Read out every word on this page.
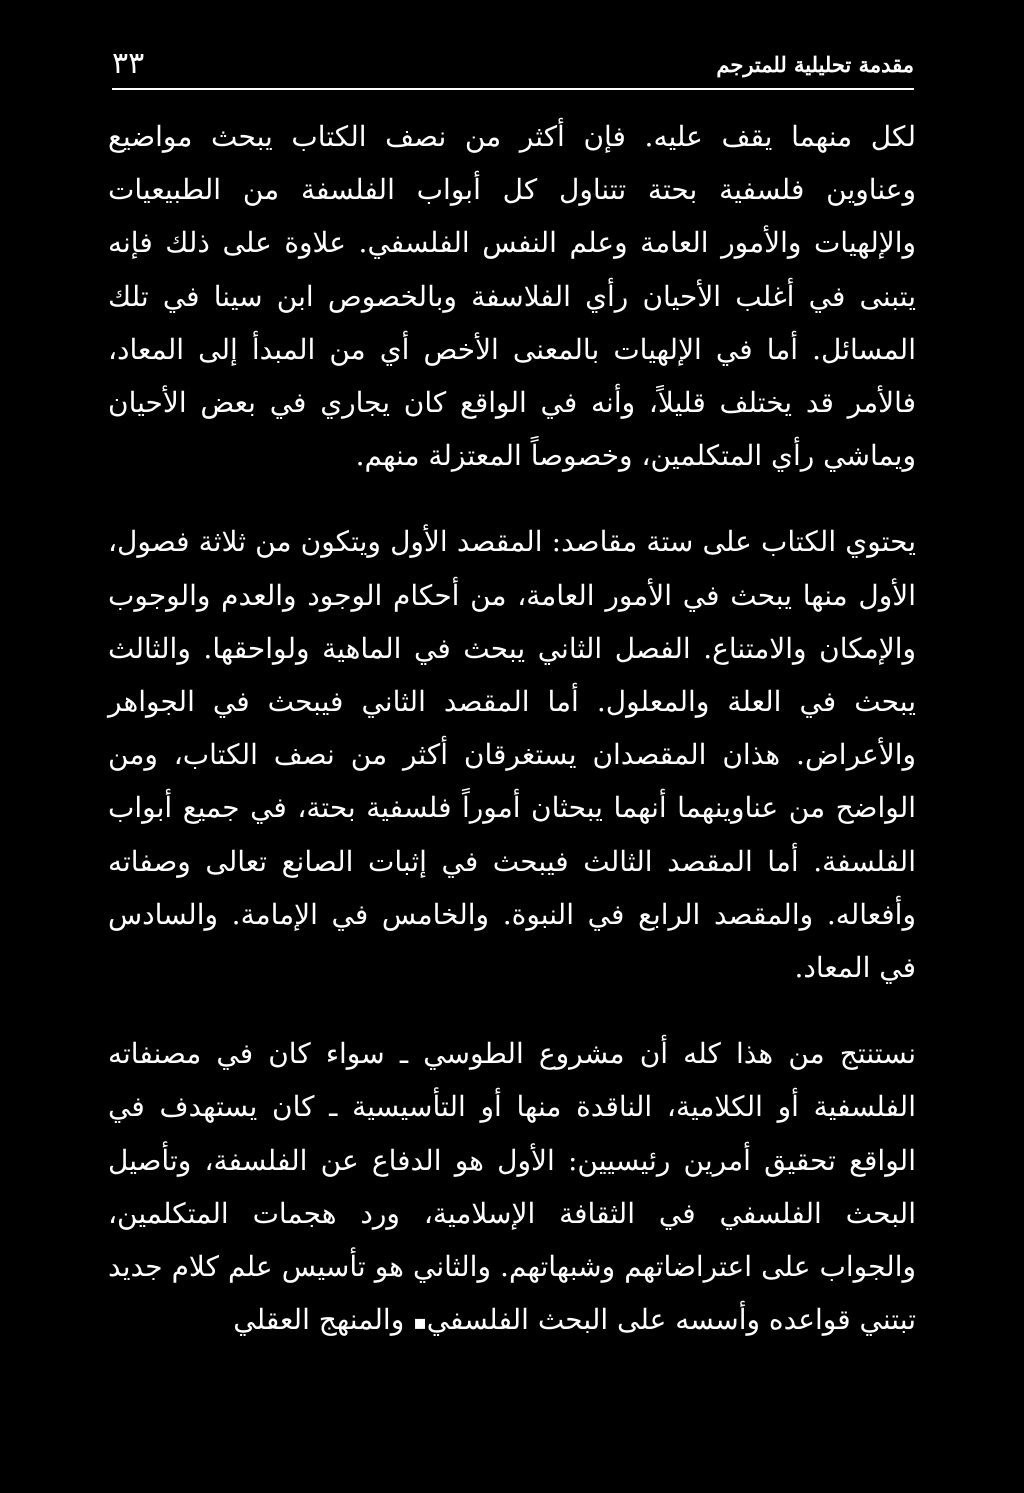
مقدمة تحليلية للمترجم
٣٣

لكل منهما يقف عليه. فإن أكثر من نصف الكتاب يبحث مواضيع وعناوين فلسفية بحتة تتناول كل أبواب الفلسفة من الطبيعيات والإلهيات والأمور العامة وعلم النفس الفلسفي. علاوة على ذلك فإنه يتبنى في أغلب الأحيان رأي الفلاسفة وبالخصوص ابن سينا في تلك المسائل. أما في الإلهيات بالمعنى الأخص أي من المبدأ إلى المعاد، فالأمر قد يختلف قليلاً، وأنه في الواقع كان يجاري في بعض الأحيان ويماشي رأي المتكلمين، وخصوصاً المعتزلة منهم.

يحتوي الكتاب على ستة مقاصد: المقصد الأول ويتكون من ثلاثة فصول، الأول منها يبحث في الأمور العامة، من أحكام الوجود والعدم والوجوب والإمكان والامتناع. الفصل الثاني يبحث في الماهية ولواحقها. والثالث يبحث في العلة والمعلول. أما المقصد الثاني فيبحث في الجواهر والأعراض. هذان المقصدان يستغرقان أكثر من نصف الكتاب، ومن الواضح من عناوينهما أنهما يبحثان أموراً فلسفية بحتة، في جميع أبواب الفلسفة. أما المقصد الثالث فيبحث في إثبات الصانع تعالى وصفاته وأفعاله. والمقصد الرابع في النبوة. والخامس في الإمامة. والسادس في المعاد.

نستنتج من هذا كله أن مشروع الطوسي ـ سواء كان في مصنفاته الفلسفية أو الكلامية، الناقدة منها أو التأسيسية ـ كان يستهدف في الواقع تحقيق أمرين رئيسيين: الأول هو الدفاع عن الفلسفة، وتأصيل البحث الفلسفي في الثقافة الإسلامية، ورد هجمات المتكلمين، والجواب على اعتراضاتهم وشبهاتهم. والثاني هو تأسيس علم كلام جديد تبتني قواعده وأسسه على البحث الفلسفي▪ والمنهج العقلي
